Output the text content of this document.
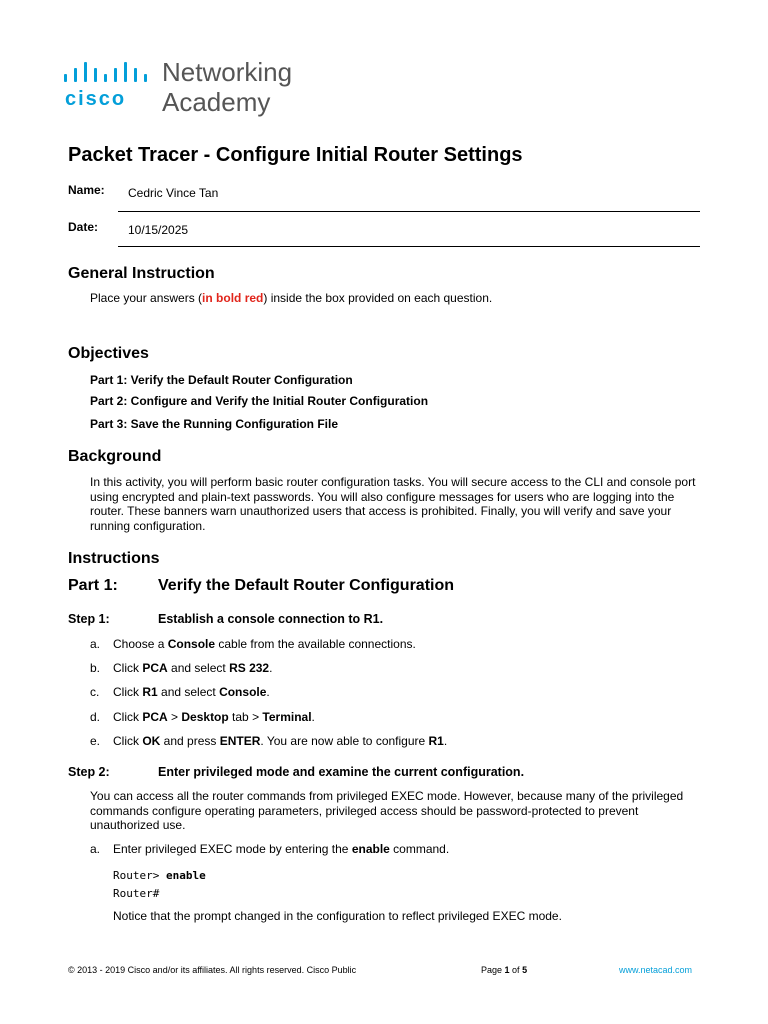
cisco
Networking
Academy
Packet Tracer - Configure Initial Router Settings
Name: Cedric Vince Tan
Date: 10/15/2025
General Instruction
Place your answers (in bold red) inside the box provided on each question.
Objectives
Part 1: Verify the Default Router Configuration
Part 2: Configure and Verify the Initial Router Configuration
Part 3: Save the Running Configuration File
Background
In this activity, you will perform basic router configuration tasks. You will secure access to the CLI and console port using encrypted and plain-text passwords. You will also configure messages for users who are logging into the router. These banners warn unauthorized users that access is prohibited. Finally, you will verify and save your running configuration.
Instructions
Part 1:	Verify the Default Router Configuration
Step 1:	Establish a console connection to R1.
a. Choose a Console cable from the available connections.
b. Click PCA and select RS 232.
c. Click R1 and select Console.
d. Click PCA > Desktop tab > Terminal.
e. Click OK and press ENTER. You are now able to configure R1.
Step 2:	Enter privileged mode and examine the current configuration.
You can access all the router commands from privileged EXEC mode. However, because many of the privileged commands configure operating parameters, privileged access should be password-protected to prevent unauthorized use.
a. Enter privileged EXEC mode by entering the enable command.
Router> enable
Router#
Notice that the prompt changed in the configuration to reflect privileged EXEC mode.
© 2013 - 2019 Cisco and/or its affiliates. All rights reserved. Cisco Public	Page 1 of 5	www.netacad.com
